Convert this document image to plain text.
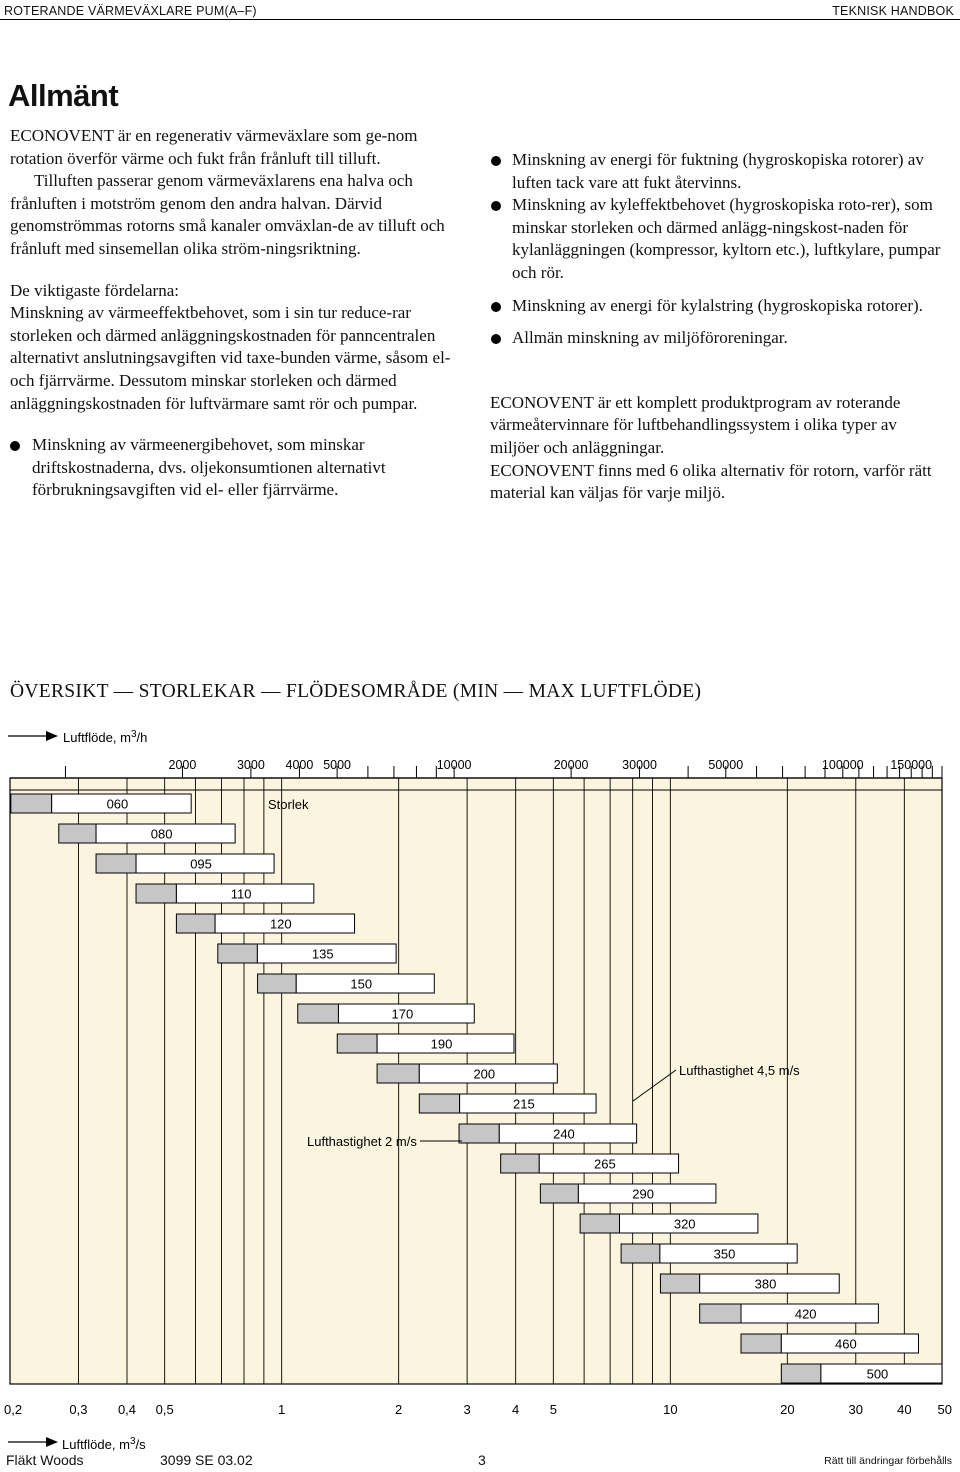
ROTERANDE VÄRMEVÄXLARE PUM(A–F)	TEKNISK HANDBOK
Allmänt

ECONOVENT är en regenerativ värmeväxlare som ge-nom rotation överför värme och fukt från frånluft till tilluft.

Tilluften passerar genom värmeväxlarens ena halva och frånluften i motström genom den andra halvan. Därvid genomströmmas rotorns små kanaler omväxlan-de av tilluft och frånluft med sinsemellan olika ström-ningsriktning.

De viktigaste fördelarna:

Minskning av värmeeffektbehovet, som i sin tur reduce-rar storleken och därmed anläggningskostnaden för panncentralen alternativt anslutningsavgiften vid taxe-bunden värme, såsom el- och fjärrvärme. Dessutom minskar storleken och därmed anläggningskostnaden för luftvärmare samt rör och pumpar.

Minskning av värmeenergibehovet, som minskar driftskostnaderna, dvs. oljekonsumtionen alternativt förbrukningsavgiften vid el- eller fjärrvärme.
Minskning av energi för fuktning (hygroskopiska rotorer) av luften tack vare att fukt återvinns.
Minskning av kyleffektbehovet (hygroskopiska roto-rer), som minskar storleken och därmed anlägg-ningskost-naden för kylanläggningen (kompressor, kyltorn etc.), luftkylare, pumpar och rör.
Minskning av energi för kylalstring (hygroskopiska rotorer).
Allmän minskning av miljöföroreningar.

ECONOVENT är ett komplett produktprogram av roterande värmeåtervinnare för luftbehandlingssystem i olika typer av miljöer och anläggningar.

ECONOVENT finns med 6 olika alternativ för rotorn, varför rätt material kan väljas för varje miljö.

ÖVERSIKT — STORLEKAR — FLÖDESOMRÅDE (MIN — MAX LUFTFLÖDE)
2000	3000 4000 5000	10000	20000	30000	50000	100000 150000
0,2	0,3 0,4 0,5	1	2	3	4 5	10	20	30	40 50
060
080
095
110
120
135
150
170
190
200
215
240
265
290
320
350
380
420
460
500
Luftflöde, $m^3/h$
Luftflöde, $m^3/s$
Storlek
Lufthastighet 4,5 m/s
Lufthastighet 2 m/s
Fläkt Woods	3099 SE 03.02	3	Rätt till ändringar förbehålls
